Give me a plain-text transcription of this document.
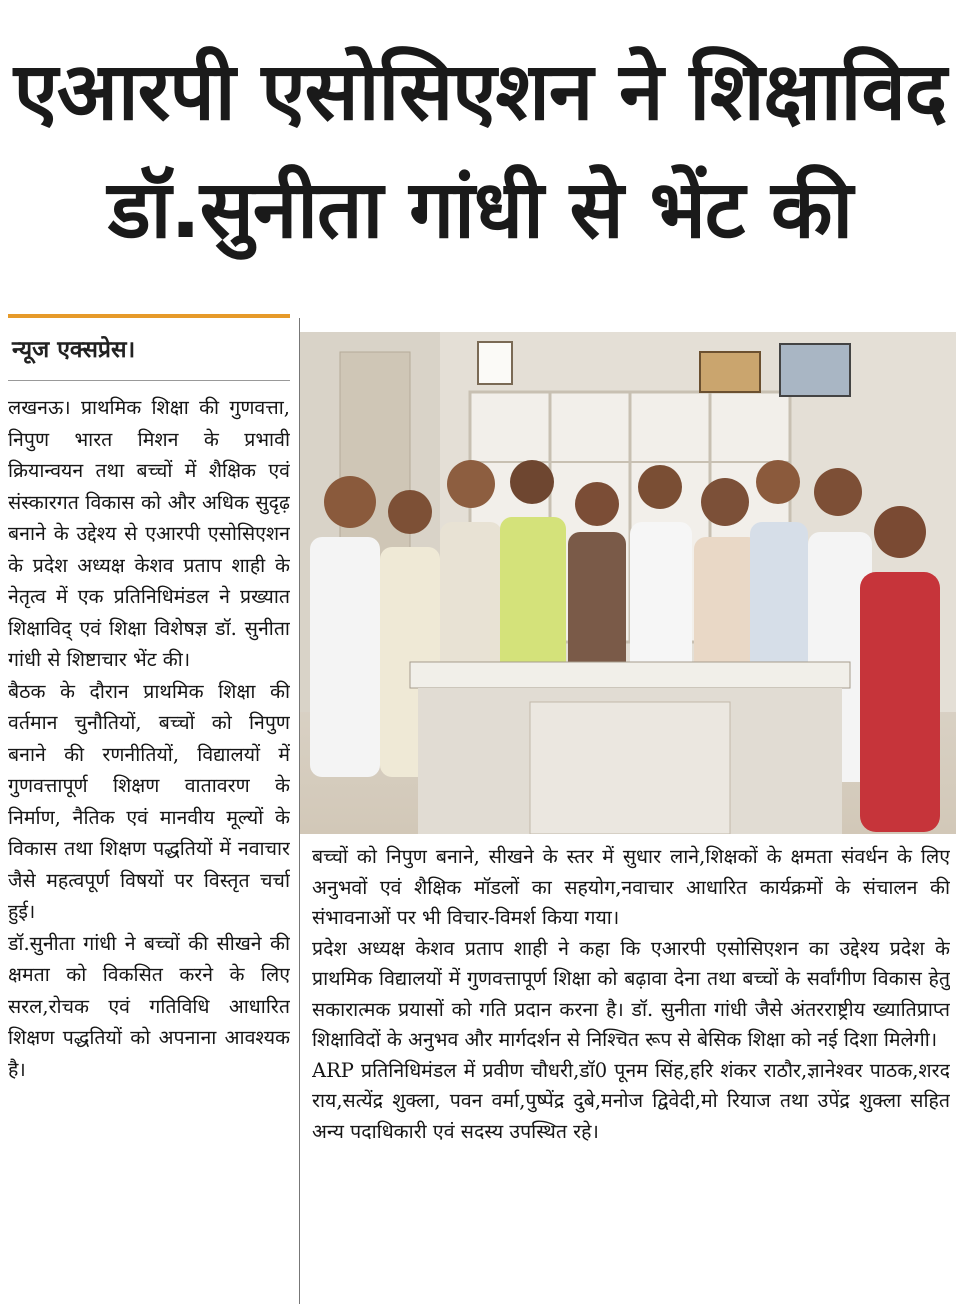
एआरपी एसोसिएशन ने शिक्षाविद
डॉ.सुनीता गांधी से भेंट की
न्यूज एक्सप्रेस।

लखनऊ। प्राथमिक शिक्षा की गुणवत्ता, निपुण भारत मिशन के प्रभावी क्रियान्वयन तथा बच्चों में शैक्षिक एवं संस्कारगत विकास को और अधिक सुदृढ़ बनाने के उद्देश्य से एआरपी एसोसिएशन के प्रदेश अध्यक्ष केशव प्रताप शाही के नेतृत्व में एक प्रतिनिधिमंडल ने प्रख्यात शिक्षाविद् एवं शिक्षा विशेषज्ञ डॉ. सुनीता गांधी से शिष्टाचार भेंट की।

बैठक के दौरान प्राथमिक शिक्षा की वर्तमान चुनौतियों, बच्चों को निपुण बनाने की रणनीतियों, विद्यालयों में गुणवत्तापूर्ण शिक्षण वातावरण के निर्माण, नैतिक एवं मानवीय मूल्यों के विकास तथा शिक्षण पद्धतियों में नवाचार जैसे महत्वपूर्ण विषयों पर विस्तृत चर्चा हुई।

डॉ.सुनीता गांधी ने बच्चों की सीखने की क्षमता को विकसित करने के लिए सरल,रोचक एवं गतिविधि आधारित शिक्षण पद्धतियों को अपनाना आवश्यक है।

बच्चों को निपुण बनाने, सीखने के स्तर में सुधार लाने,शिक्षकों के क्षमता संवर्धन के लिए अनुभवों एवं शैक्षिक मॉडलों का सहयोग,नवाचार आधारित कार्यक्रमों के संचालन की संभावनाओं पर भी विचार-विमर्श किया गया।

प्रदेश अध्यक्ष केशव प्रताप शाही ने कहा कि एआरपी एसोसिएशन का उद्देश्य प्रदेश के प्राथमिक विद्यालयों में गुणवत्तापूर्ण शिक्षा को बढ़ावा देना तथा बच्चों के सर्वांगीण विकास हेतु सकारात्मक प्रयासों को गति प्रदान करना है। डॉ. सुनीता गांधी जैसे अंतरराष्ट्रीय ख्यातिप्राप्त शिक्षाविदों के अनुभव और मार्गदर्शन से निश्चित रूप से बेसिक शिक्षा को नई दिशा मिलेगी।

ARP प्रतिनिधिमंडल में प्रवीण चौधरी,डॉ0 पूनम सिंह,हरि शंकर राठौर,ज्ञानेश्वर पाठक,शरद राय,सत्येंद्र शुक्ला, पवन वर्मा,पुष्पेंद्र दुबे,मनोज द्विवेदी,मो रियाज तथा उपेंद्र शुक्ला सहित अन्य पदाधिकारी एवं सदस्य उपस्थित रहे।
